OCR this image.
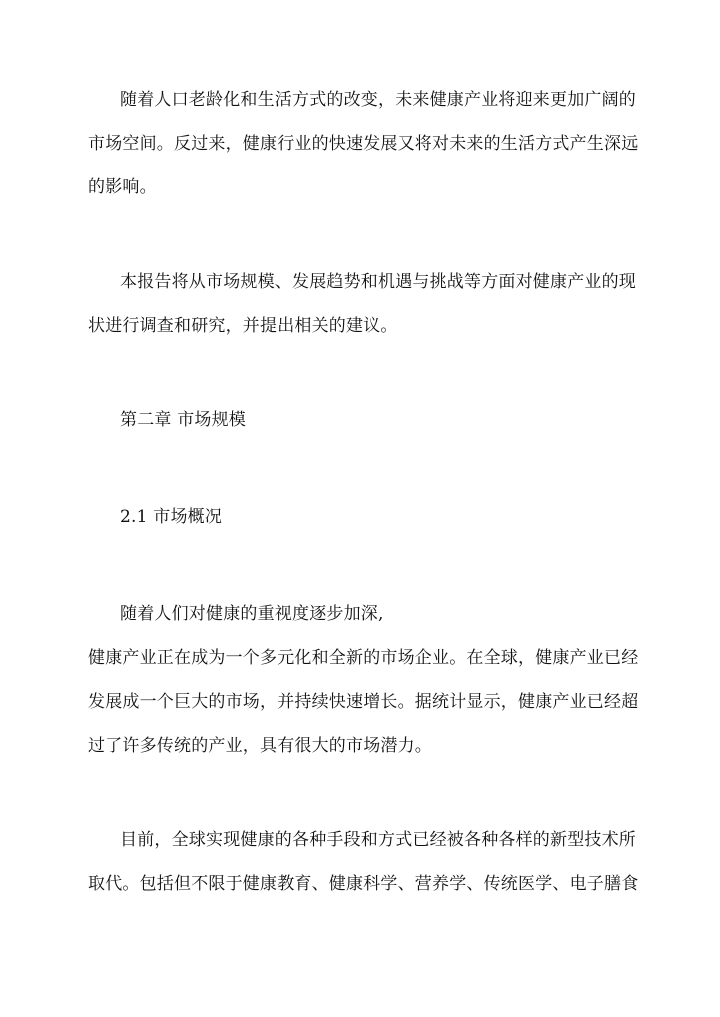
随着人口老龄化和生活方式的改变，未来健康产业将迎来更加广阔的
市场空间。反过来，健康行业的快速发展又将对未来的生活方式产生深远
的影响。
本报告将从市场规模、发展趋势和机遇与挑战等方面对健康产业的现
状进行调查和研究，并提出相关的建议。
第二章 市场规模
2.1 市场概况
随着人们对健康的重视度逐步加深,
健康产业正在成为一个多元化和全新的市场企业。在全球，健康产业已经
发展成一个巨大的市场，并持续快速增长。据统计显示，健康产业已经超
过了许多传统的产业，具有很大的市场潜力。
目前，全球实现健康的各种手段和方式已经被各种各样的新型技术所
取代。包括但不限于健康教育、健康科学、营养学、传统医学、电子膳食
